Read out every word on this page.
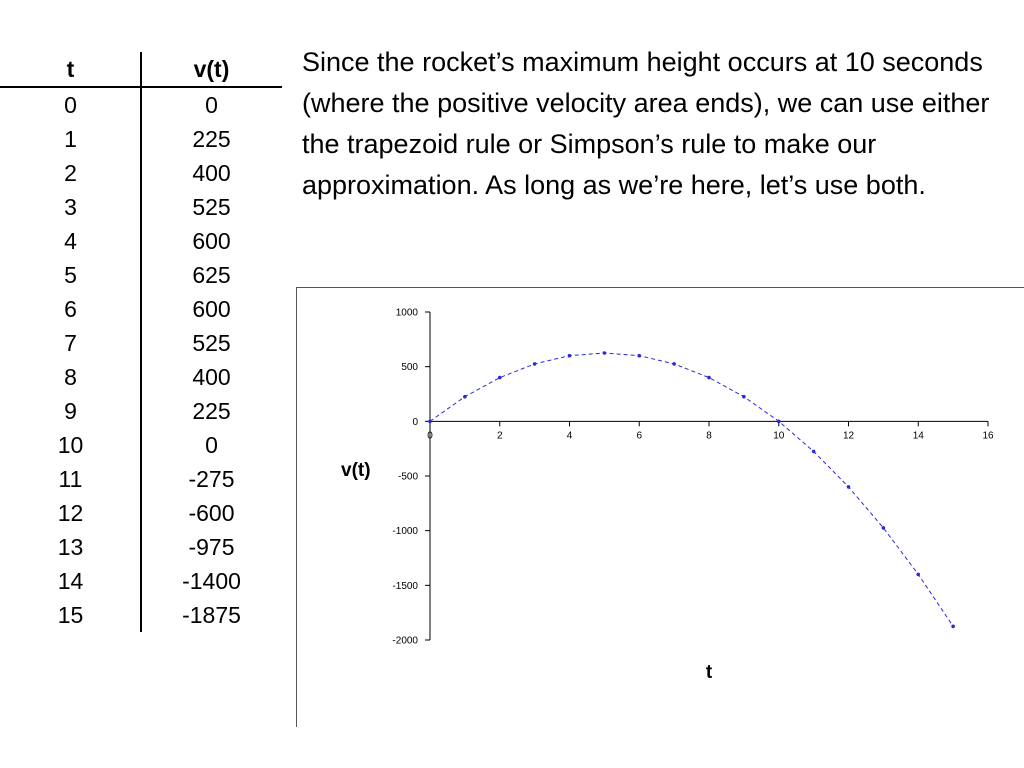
t	v(t)
0	0
1	225
2	400
3	525
4	600
5	625
6	600
7	525
8	400
9	225
10	0
11	-275
12	-600
13	-975
14	-1400
15	-1875

Since the rocket’s maximum height occurs at 10 seconds (where the positive velocity area ends), we can use either the trapezoid rule or Simpson’s rule to make our approximation. As long as we’re here, let’s use both.

1000
500
0
-500
-1000
-1500
-2000
0	2	4	6	8	10	12	14	16
v(t)
t
